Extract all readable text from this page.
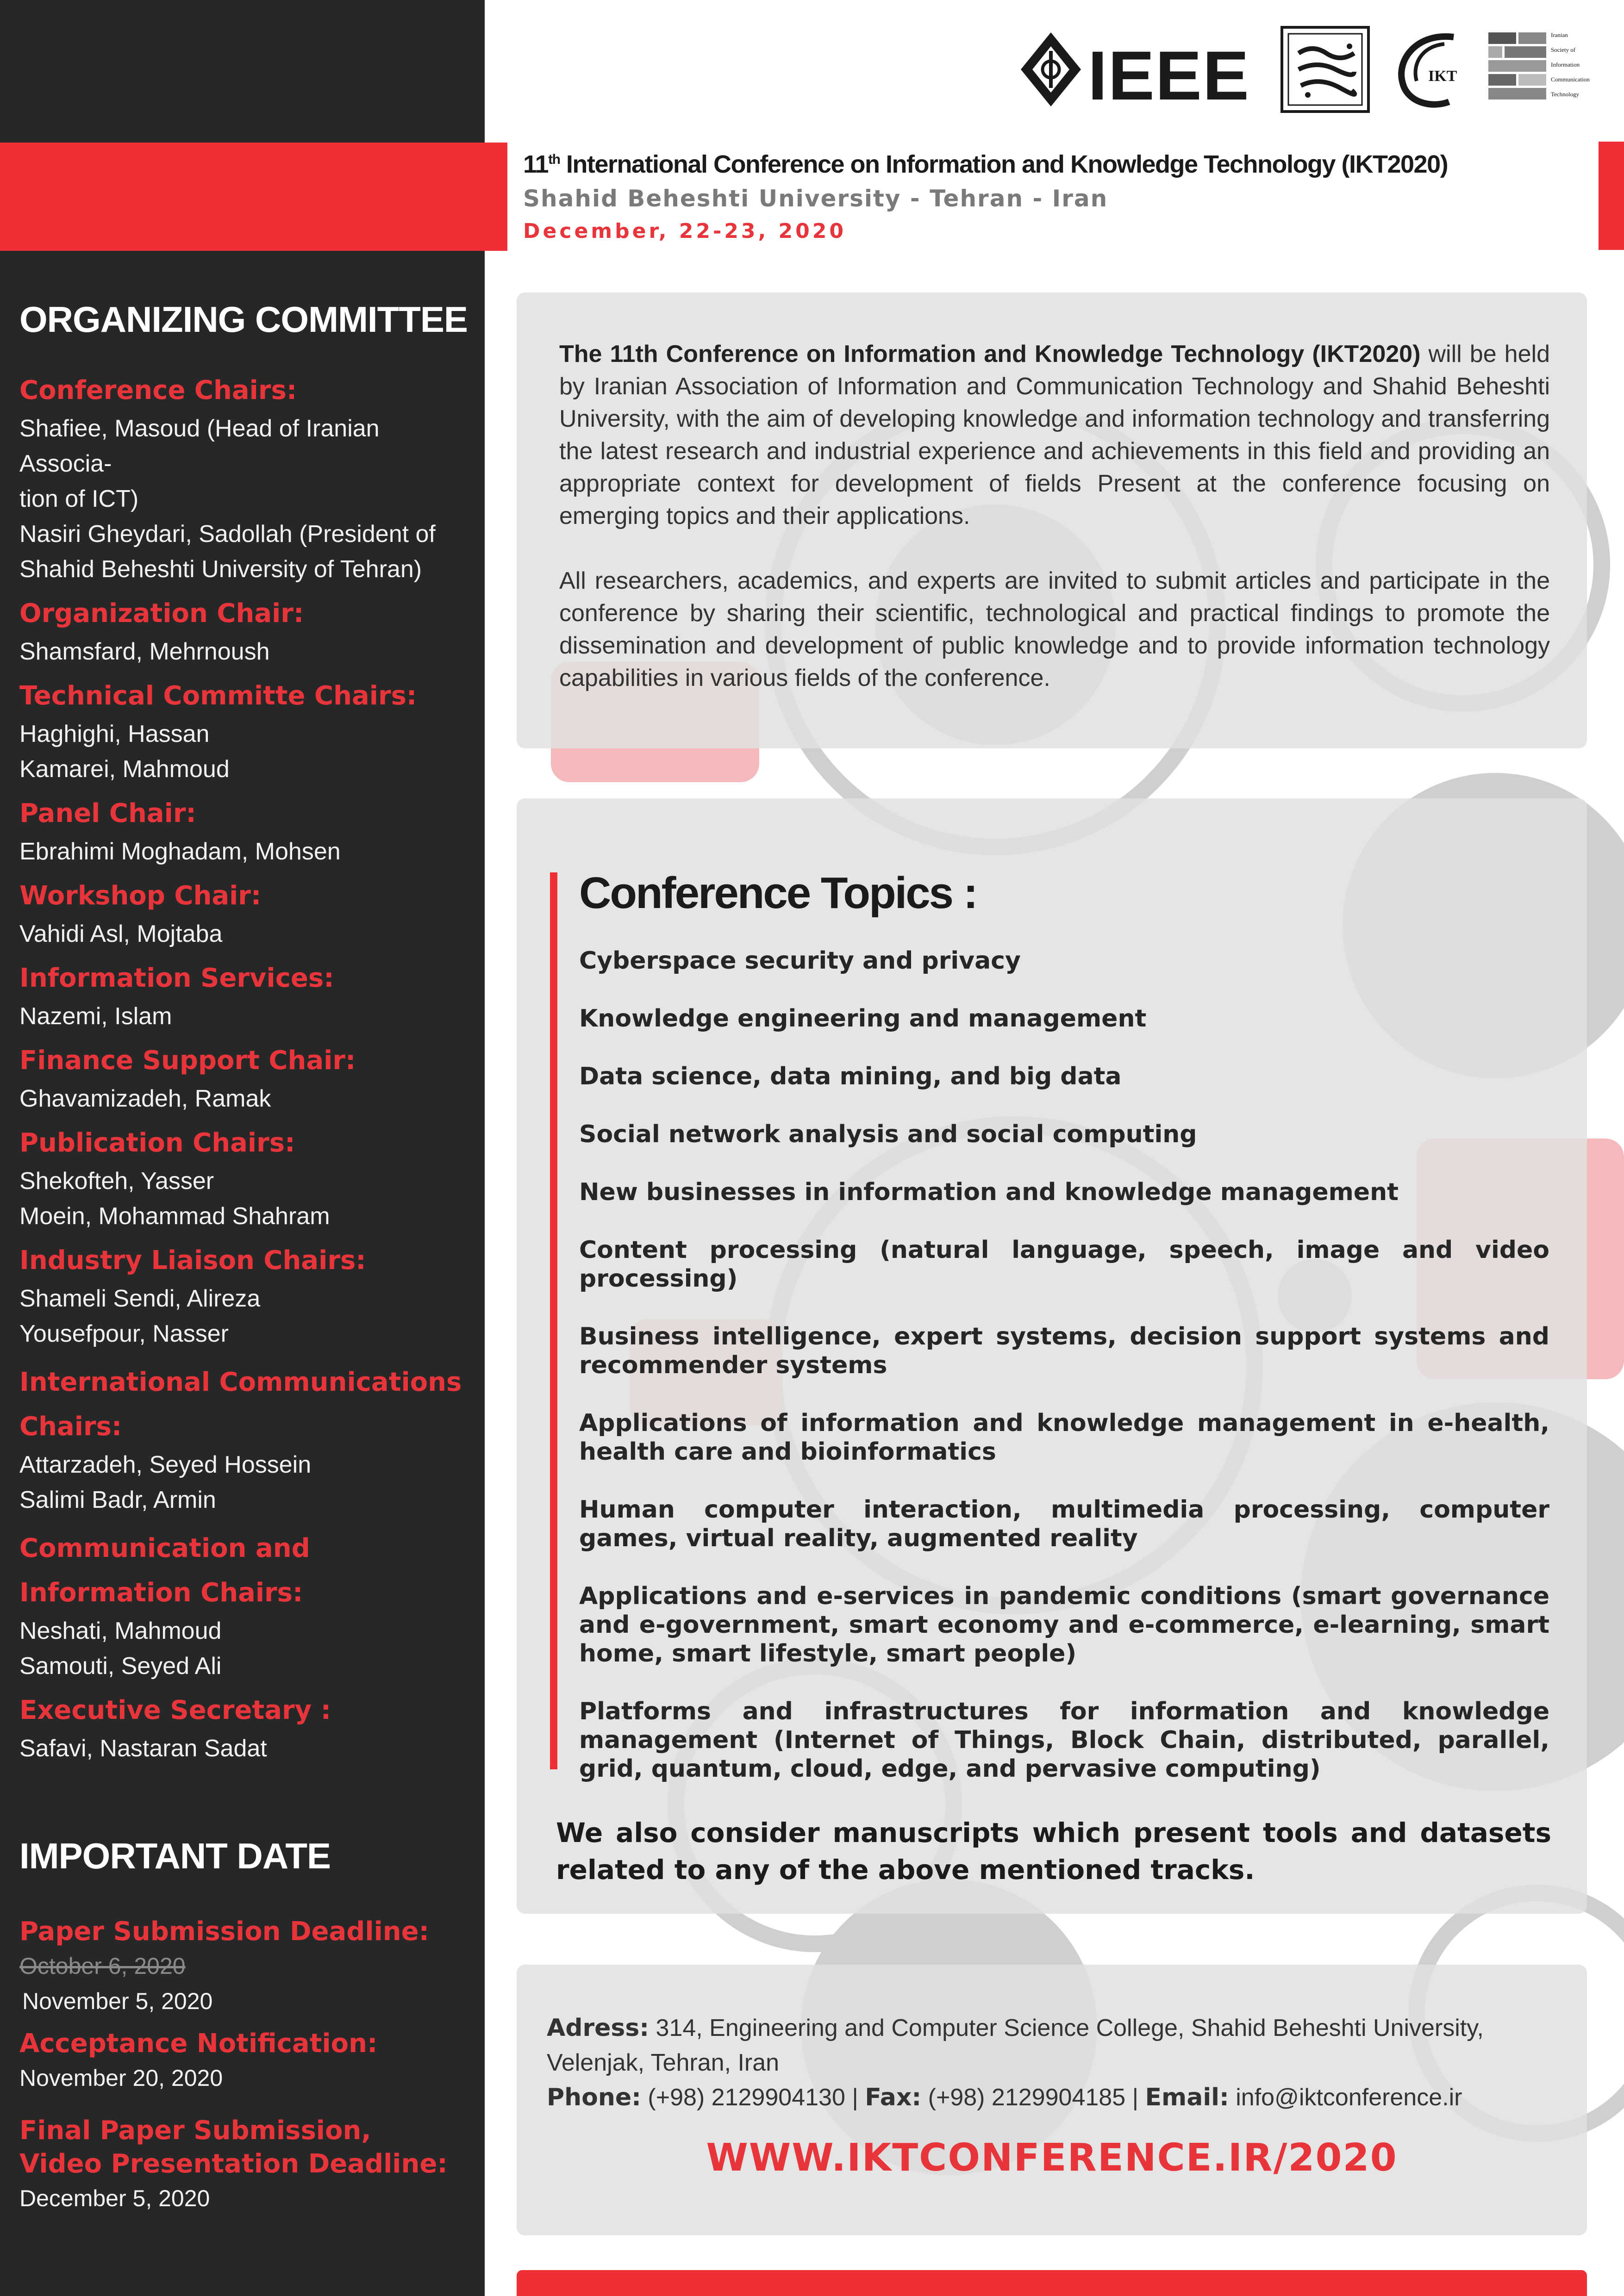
ORGANIZING COMMITTEE
Conference Chairs:

Shafiee, Masoud (Head of Iranian Associa-

tion of ICT)

Nasiri Gheydari, Sadollah (President of

Shahid Beheshti University of Tehran)

Organization Chair:

Shamsfard, Mehrnoush

Technical Committe Chairs:

Haghighi, Hassan

Kamarei, Mahmoud

Panel Chair:

Ebrahimi Moghadam, Mohsen

Workshop Chair:

Vahidi Asl, Mojtaba

Information Services:

Nazemi, Islam

Finance Support Chair:

Ghavamizadeh, Ramak

Publication Chairs:

Shekofteh, Yasser

Moein, Mohammad Shahram

Industry Liaison Chairs:

Shameli Sendi, Alireza

Yousefpour, Nasser

International Communications
Chairs:

Attarzadeh, Seyed Hossein

Salimi Badr, Armin

Communication and
Information Chairs:

Neshati, Mahmoud

Samouti, Seyed Ali

Executive Secretary :

Safavi, Nastaran Sadat

IMPORTANT DATE
Paper Submission Deadline:
October 6, 2020
November 5, 2020
Acceptance Notification:
November 20, 2020
Final Paper Submission,
Video Presentation Deadline:
December 5, 2020
IEEE	IKT
Iranian Society of Information Communication Technology
11th International Conference on Information and Knowledge Technology (IKT2020)
Shahid Beheshti University - Tehran - Iran
December, 22-23, 2020

The 11th Conference on Information and Knowledge Technology (IKT2020) will be held by Iranian Association of Information and Communication Technology and Shahid Beheshti University, with the aim of developing knowledge and information technology and transferring the latest research and industrial experience and achievements in this field and providing an appropriate context for development of fields Present at the conference focusing on emerging topics and their applications.

All researchers, academics, and experts are invited to submit articles and participate in the conference by sharing their scientific, technological and practical findings to promote the dissemination and development of public knowledge and to provide information technology capabilities in various fields of the conference.

Conference Topics :
Cyberspace security and privacy
Knowledge engineering and management
Data science, data mining, and big data
Social network analysis and social computing
New businesses in information and knowledge management
Content processing (natural language, speech, image and video processing)
Business intelligence, expert systems, decision support systems and recommender systems
Applications of information and knowledge management in e-health, health care and bioinformatics
Human computer interaction, multimedia processing, computer games, virtual reality, augmented reality
Applications and e-services in pandemic conditions (smart governance and e-government, smart economy and e-commerce, e-learning, smart home, smart lifestyle, smart people)
Platforms and infrastructures for information and knowledge management (Internet of Things, Block Chain, distributed, parallel, grid, quantum, cloud, edge, and pervasive computing)
We also consider manuscripts which present tools and datasets related to any of the above mentioned tracks.
Adress: 314, Engineering and Computer Science College, Shahid Beheshti University,
Velenjak, Tehran, Iran
Phone: (+98) 2129904130 | Fax: (+98) 2129904185 | Email: info@iktconference.ir
WWW.IKTCONFERENCE.IR/2020
